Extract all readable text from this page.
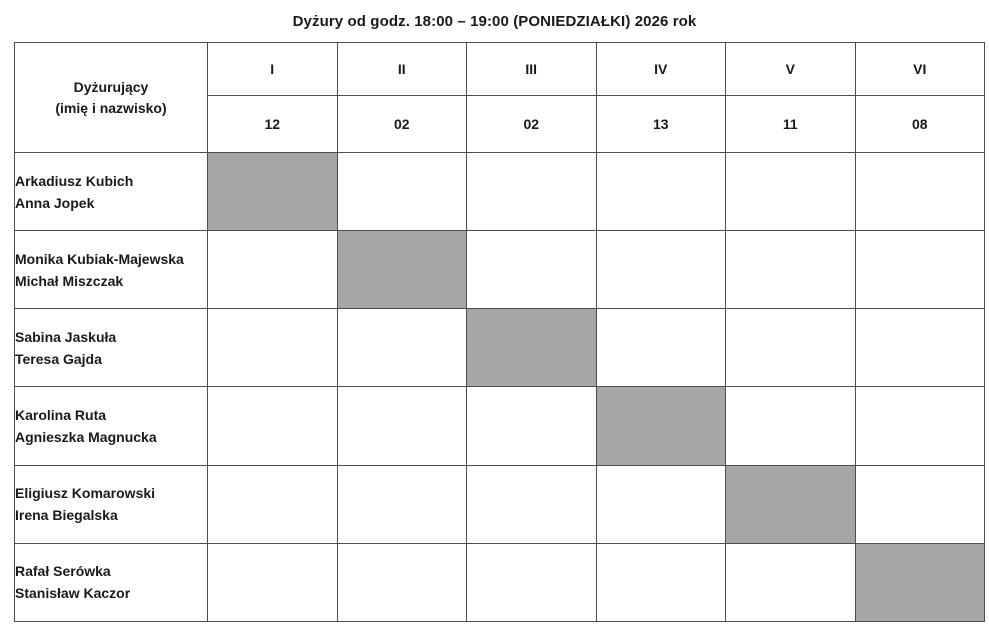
Dyżury od godz. 18:00 – 19:00 (PONIEDZIAŁKI) 2026 rok
Dyżurujący
(imię i nazwisko)	I	II	III	IV	V	VI
	12	02	02	13	11	08

Arkadiusz Kubich
Anna Jopek						

Monika Kubiak-Majewska
Michał Miszczak						

Sabina Jaskuła
Teresa Gajda						

Karolina Ruta
Agnieszka Magnucka						

Eligiusz Komarowski
Irena Biegalska						

Rafał Serówka
Stanisław Kaczor						
